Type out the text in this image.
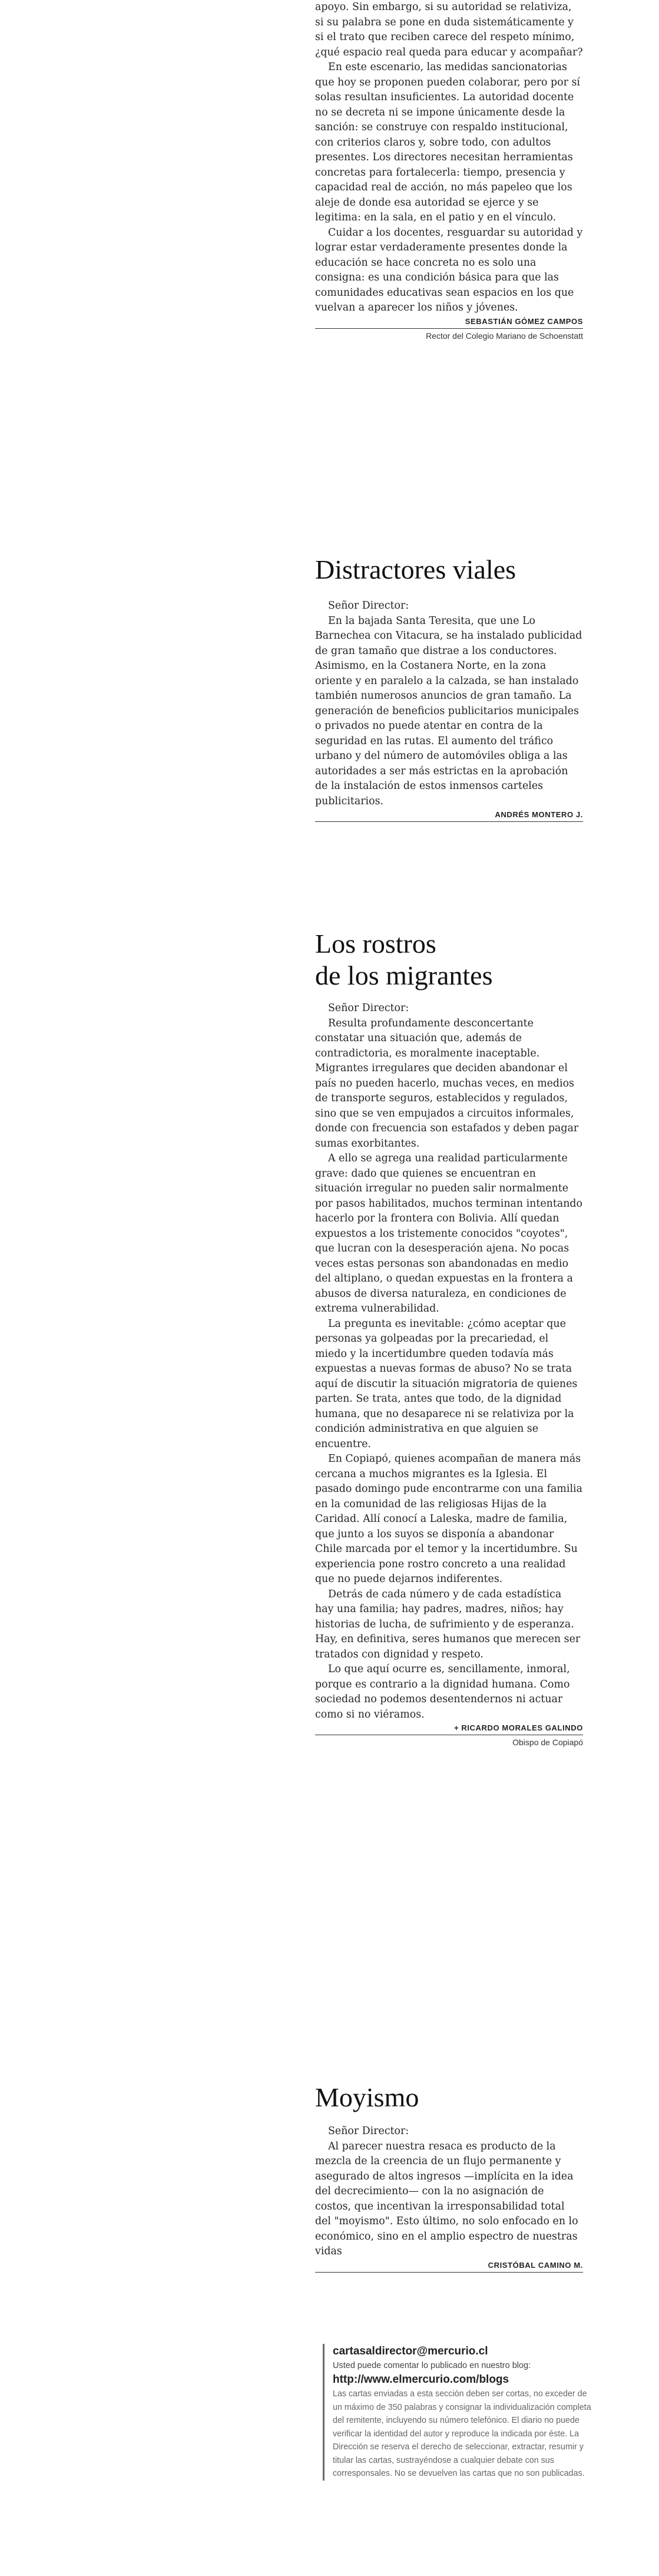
apoyo. Sin embargo, si su autoridad se relativiza, si su palabra se pone en duda sistemáticamente y si el trato que reciben carece del respeto mínimo, ¿qué espacio real queda para educar y acompañar?

En este escenario, las medidas sancionatorias que hoy se proponen pueden colaborar, pero por sí solas resultan insuficientes. La autoridad docente no se decreta ni se impone únicamente desde la sanción: se construye con respaldo institucional, con criterios claros y, sobre todo, con adultos presentes. Los directores necesitan herramientas concretas para fortalecerla: tiempo, presencia y capacidad real de acción, no más papeleo que los aleje de donde esa autoridad se ejerce y se legitima: en la sala, en el patio y en el vínculo.

Cuidar a los docentes, resguardar su autoridad y lograr estar verdaderamente presentes donde la educación se hace concreta no es solo una consigna: es una condición básica para que las comunidades educativas sean espacios en los que vuelvan a aparecer los niños y jóvenes.

SEBASTIÁN GÓMEZ CAMPOS
Rector del Colegio Mariano de Schoenstatt
Distractores viales

Señor Director:

En la bajada Santa Teresita, que une Lo Barnechea con Vitacura, se ha instalado publicidad de gran tamaño que distrae a los conductores. Asimismo, en la Costanera Norte, en la zona oriente y en paralelo a la calzada, se han instalado también numerosos anuncios de gran tamaño. La generación de beneficios publicitarios municipales o privados no puede atentar en contra de la seguridad en las rutas. El aumento del tráfico urbano y del número de automóviles obliga a las autoridades a ser más estrictas en la aprobación de la instalación de estos inmensos carteles publicitarios.

ANDRÉS MONTERO J.
Los rostros
de los migrantes

Señor Director:

Resulta profundamente desconcertante constatar una situación que, además de contradictoria, es moralmente inaceptable. Migrantes irregulares que deciden abandonar el país no pueden hacerlo, muchas veces, en medios de transporte seguros, establecidos y regulados, sino que se ven empujados a circuitos informales, donde con frecuencia son estafados y deben pagar sumas exorbitantes.

A ello se agrega una realidad particularmente grave: dado que quienes se encuentran en situación irregular no pueden salir normalmente por pasos habilitados, muchos terminan intentando hacerlo por la frontera con Bolivia. Allí quedan expuestos a los tristemente conocidos "coyotes", que lucran con la desesperación ajena. No pocas veces estas personas son abandonadas en medio del altiplano, o quedan expuestas en la frontera a abusos de diversa naturaleza, en condiciones de extrema vulnerabilidad.

La pregunta es inevitable: ¿cómo aceptar que personas ya golpeadas por la precariedad, el miedo y la incertidumbre queden todavía más expuestas a nuevas formas de abuso? No se trata aquí de discutir la situación migratoria de quienes parten. Se trata, antes que todo, de la dignidad humana, que no desaparece ni se relativiza por la condición administrativa en que alguien se encuentre.

En Copiapó, quienes acompañan de manera más cercana a muchos migrantes es la Iglesia. El pasado domingo pude encontrarme con una familia en la comunidad de las religiosas Hijas de la Caridad. Allí conocí a Laleska, madre de familia, que junto a los suyos se disponía a abandonar Chile marcada por el temor y la incertidumbre. Su experiencia pone rostro concreto a una realidad que no puede dejarnos indiferentes.

Detrás de cada número y de cada estadística hay una familia; hay padres, madres, niños; hay historias de lucha, de sufrimiento y de esperanza. Hay, en definitiva, seres humanos que merecen ser tratados con dignidad y respeto.

Lo que aquí ocurre es, sencillamente, inmoral, porque es contrario a la dignidad humana. Como sociedad no podemos desentendernos ni actuar como si no viéramos.

+ RICARDO MORALES GALINDO
Obispo de Copiapó
Moyismo

Señor Director:

Al parecer nuestra resaca es producto de la mezcla de la creencia de un flujo permanente y asegurado de altos ingresos —implícita en la idea del decrecimiento— con la no asignación de costos, que incentivan la irresponsabilidad total del "moyismo". Esto último, no solo enfocado en lo económico, sino en el amplio espectro de nuestras vidas

CRISTÓBAL CAMINO M.
cartasaldirector@mercurio.cl
Usted puede comentar lo publicado en nuestro blog:
http://www.elmercurio.com/blogs
Las cartas enviadas a esta sección deben ser cortas, no exceder de un máximo de 350 palabras y consignar la individualización completa del remitente, incluyendo su número telefónico. El diario no puede verificar la identidad del autor y reproduce la indicada por éste. La Dirección se reserva el derecho de seleccionar, extractar, resumir y titular las cartas, sustrayéndose a cualquier debate con sus corresponsales. No se devuelven las cartas que no son publicadas.
